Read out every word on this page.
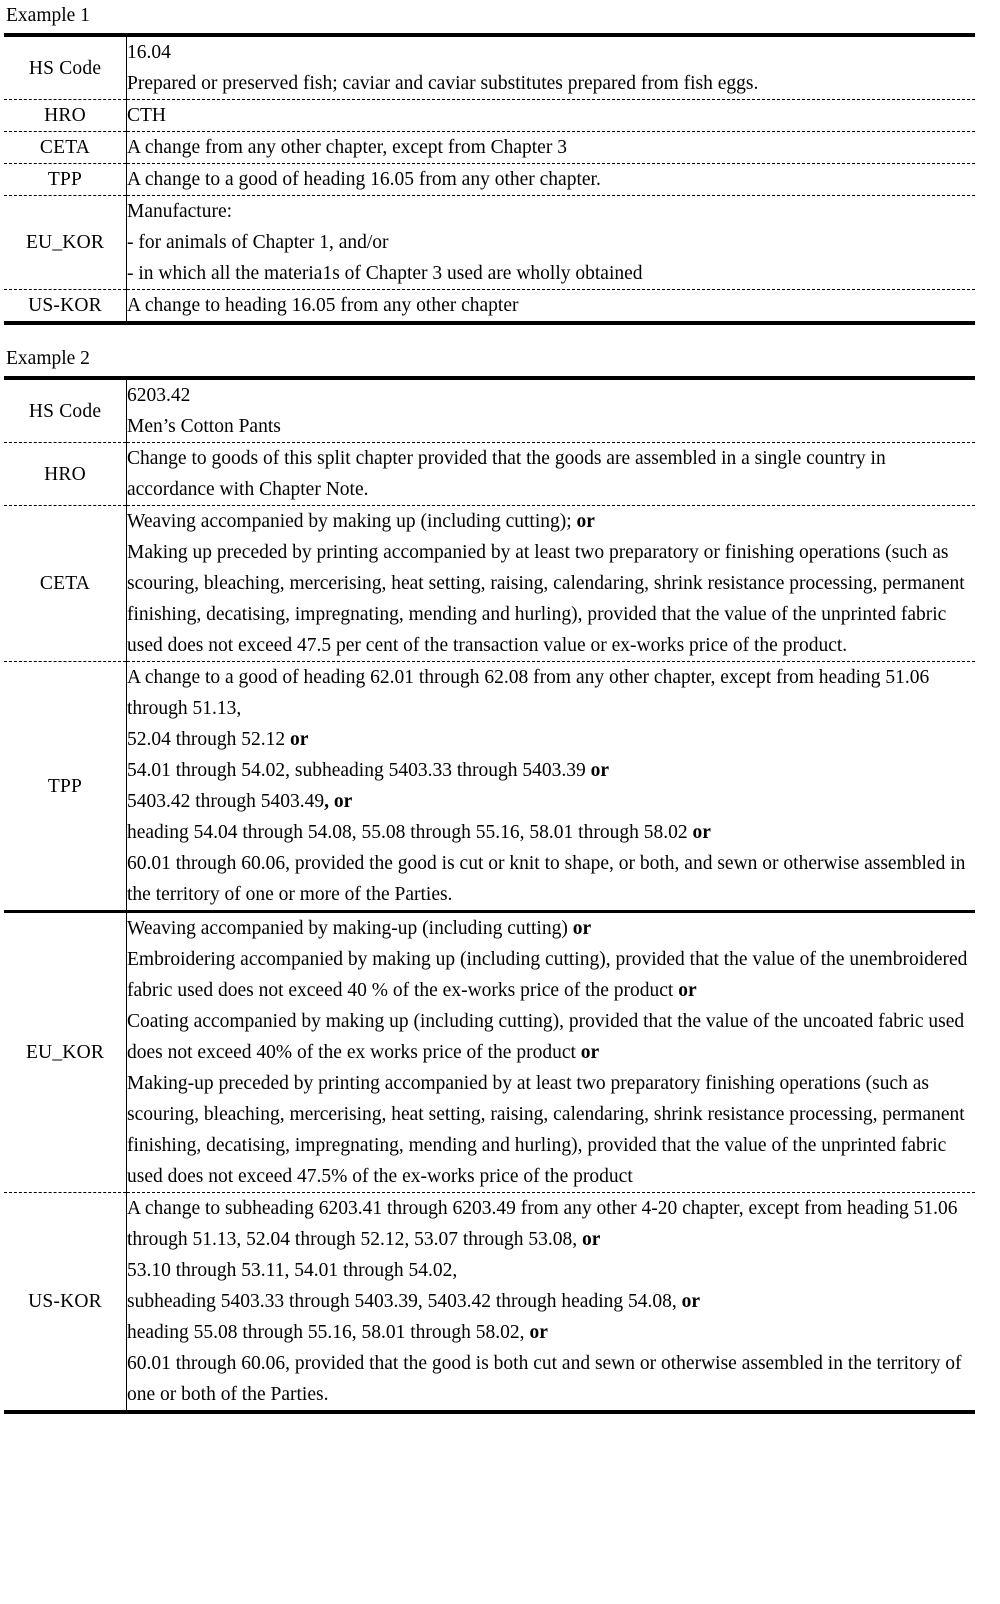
Example 1
HS Code	16.04
Prepared or preserved fish; caviar and caviar substitutes prepared from fish eggs.

HRO	CTH

CETA	A change from any other chapter, except from Chapter 3

TPP	A change to a good of heading 16.05 from any other chapter.

EU_KOR	Manufacture:
- for animals of Chapter 1, and/or
- in which all the materia1s of Chapter 3 used are wholly obtained

US-KOR	A change to heading 16.05 from any other chapter
Example 2
HS Code	6203.42
Men’s Cotton Pants

HRO	Change to goods of this split chapter provided that the goods are assembled in a single country in accordance with Chapter Note.

CETA	Weaving accompanied by making up (including cutting); or
Making up preceded by printing accompanied by at least two preparatory or finishing operations (such as scouring, bleaching, mercerising, heat setting, raising, calendaring, shrink resistance processing, permanent finishing, decatising, impregnating, mending and hurling), provided that the value of the unprinted fabric used does not exceed 47.5 per cent of the transaction value or ex-works price of the product.

TPP	
A change to a good of heading 62.01 through 62.08 from any other chapter, except from heading 51.06 through 51.13,
52.04 through 52.12 or
54.01 through 54.02, subheading 5403.33 through 5403.39 or
5403.42 through 5403.49, or
heading 54.04 through 54.08, 55.08 through 55.16, 58.01 through 58.02 or
60.01 through 60.06, provided the good is cut or knit to shape, or both, and sewn or otherwise assembled in the territory of one or more of the Parties.

EU_KOR	Weaving accompanied by making-up (including cutting) or
Embroidering accompanied by making up (including cutting), provided that the value of the unembroidered fabric used does not exceed 40 % of the ex-works price of the product or
Coating accompanied by making up (including cutting), provided that the value of the uncoated fabric used does not exceed 40% of the ex works price of the product or
Making-up preceded by printing accompanied by at least two preparatory finishing operations (such as scouring, bleaching, mercerising, heat setting, raising, calendaring, shrink resistance processing, permanent finishing, decatising, impregnating, mending and hurling), provided that the value of the unprinted fabric used does not exceed 47.5% of the ex-works price of the product

US-KOR	A change to subheading 6203.41 through 6203.49 from any other 4-20 chapter, except from heading 51.06 through 51.13, 52.04 through 52.12, 53.07 through 53.08, or
53.10 through 53.11, 54.01 through 54.02,
subheading 5403.33 through 5403.39, 5403.42 through heading 54.08, or
heading 55.08 through 55.16, 58.01 through 58.02, or
60.01 through 60.06, provided that the good is both cut and sewn or otherwise assembled in the territory of one or both of the Parties.
